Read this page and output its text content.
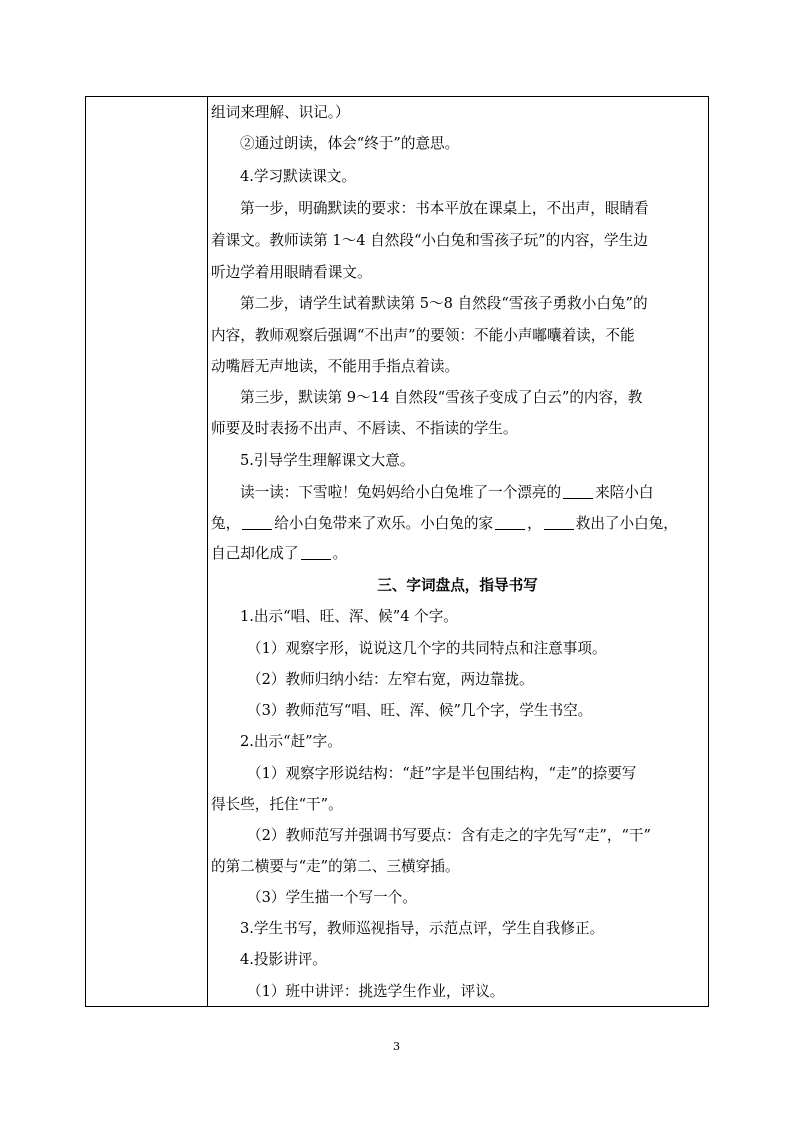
组词来理解、识记。）
②通过朗读，体会“终于”的意思。
4.学习默读课文。
第一步，明确默读的要求：书本平放在课桌上，不出声，眼睛看
着课文。教师读第 1～4 自然段“小白兔和雪孩子玩”的内容，学生边
听边学着用眼睛看课文。
第二步，请学生试着默读第 5～8 自然段“雪孩子勇救小白兔”的
内容，教师观察后强调“不出声”的要领：不能小声嘟囔着读，不能
动嘴唇无声地读，不能用手指点着读。
第三步，默读第 9～14 自然段“雪孩子变成了白云”的内容，教
师要及时表扬不出声、不唇读、不指读的学生。
5.引导学生理解课文大意。
读一读：下雪啦！兔妈妈给小白兔堆了一个漂亮的 来陪小白
兔， 给小白兔带来了欢乐。小白兔的家 ， 救出了小白兔，
自己却化成了 。
三、字词盘点，指导书写
1.出示“唱、旺、浑、候”4 个字。
（1）观察字形，说说这几个字的共同特点和注意事项。
（2）教师归纳小结：左窄右宽，两边靠拢。
（3）教师范写“唱、旺、浑、候”几个字，学生书空。
2.出示“赶”字。
（1）观察字形说结构：“赶”字是半包围结构，“走”的捺要写
得长些，托住“干”。
（2）教师范写并强调书写要点：含有走之的字先写“走”，“干”
的第二横要与“走”的第二、三横穿插。
（3）学生描一个写一个。
3.学生书写，教师巡视指导，示范点评，学生自我修正。
4.投影讲评。
（1）班中讲评：挑选学生作业，评议。
3
